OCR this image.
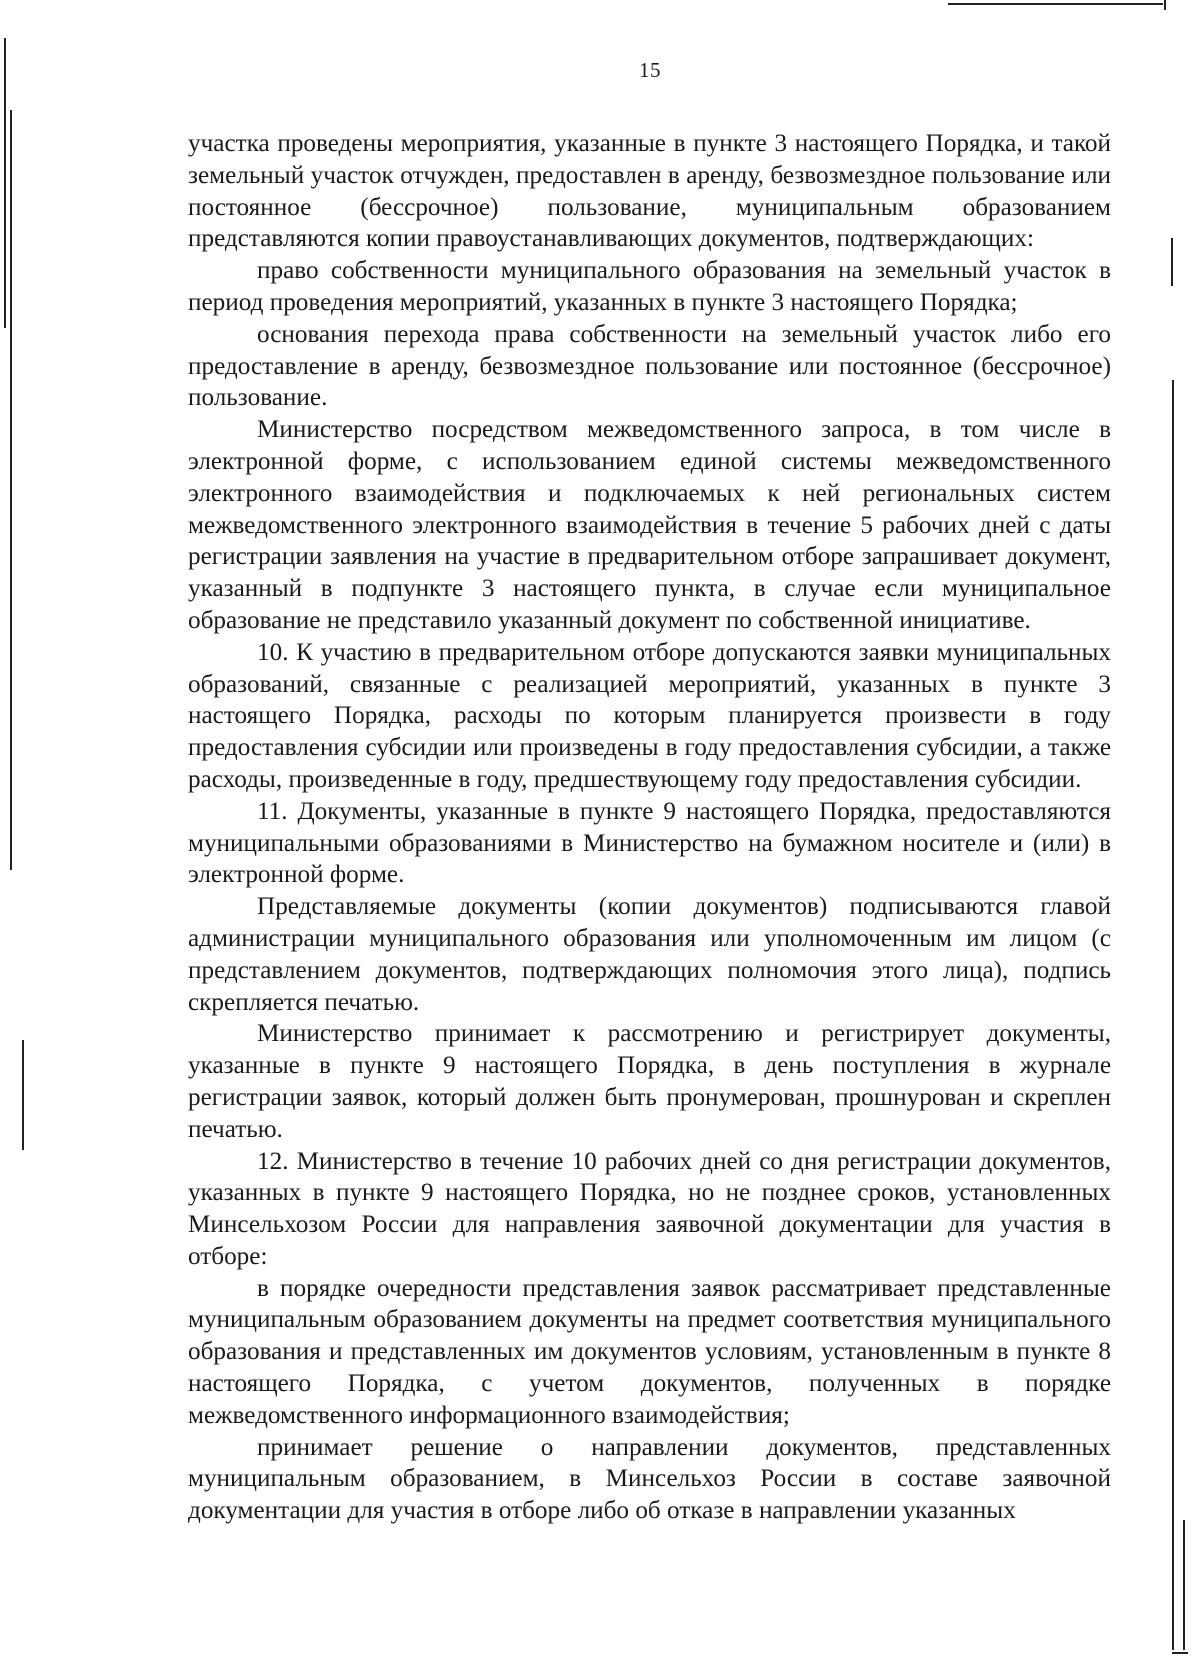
15

участка проведены мероприятия, указанные в пункте 3 настоящего Порядка, и такой земельный участок отчужден, предоставлен в аренду, безвозмездное пользование или постоянное (бессрочное) пользование, муниципальным образованием представляются копии правоустанавливающих документов, подтверждающих:

право собственности муниципального образования на земельный участок в период проведения мероприятий, указанных в пункте 3 настоящего Порядка;

основания перехода права собственности на земельный участок либо его предоставление в аренду, безвозмездное пользование или постоянное (бессрочное) пользование.

Министерство посредством межведомственного запроса, в том числе в электронной форме, с использованием единой системы межведомственного электронного взаимодействия и подключаемых к ней региональных систем межведомственного электронного взаимодействия в течение 5 рабочих дней с даты регистрации заявления на участие в предварительном отборе запрашивает документ, указанный в подпункте 3 настоящего пункта, в случае если муниципальное образование не представило указанный документ по собственной инициативе.

10. К участию в предварительном отборе допускаются заявки муниципальных образований, связанные с реализацией мероприятий, указанных в пункте 3 настоящего Порядка, расходы по которым планируется произвести в году предоставления субсидии или произведены в году предоставления субсидии, а также расходы, произведенные в году, предшествующему году предоставления субсидии.

11. Документы, указанные в пункте 9 настоящего Порядка, предоставляются муниципальными образованиями в Министерство на бумажном носителе и (или) в электронной форме.

Представляемые документы (копии документов) подписываются главой администрации муниципального образования или уполномоченным им лицом (с представлением документов, подтверждающих полномочия этого лица), подпись скрепляется печатью.

Министерство принимает к рассмотрению и регистрирует документы, указанные в пункте 9 настоящего Порядка, в день поступления в журнале регистрации заявок, который должен быть пронумерован, прошнурован и скреплен печатью.

12. Министерство в течение 10 рабочих дней со дня регистрации документов, указанных в пункте 9 настоящего Порядка, но не позднее сроков, установленных Минсельхозом России для направления заявочной документации для участия в отборе:

в порядке очередности представления заявок рассматривает представленные муниципальным образованием документы на предмет соответствия муниципального образования и представленных им документов условиям, установленным в пункте 8 настоящего Порядка, с учетом документов, полученных в порядке межведомственного информационного взаимодействия;

принимает решение о направлении документов, представленных муниципальным образованием, в Минсельхоз России в составе заявочной документации для участия в отборе либо об отказе в направлении указанных
